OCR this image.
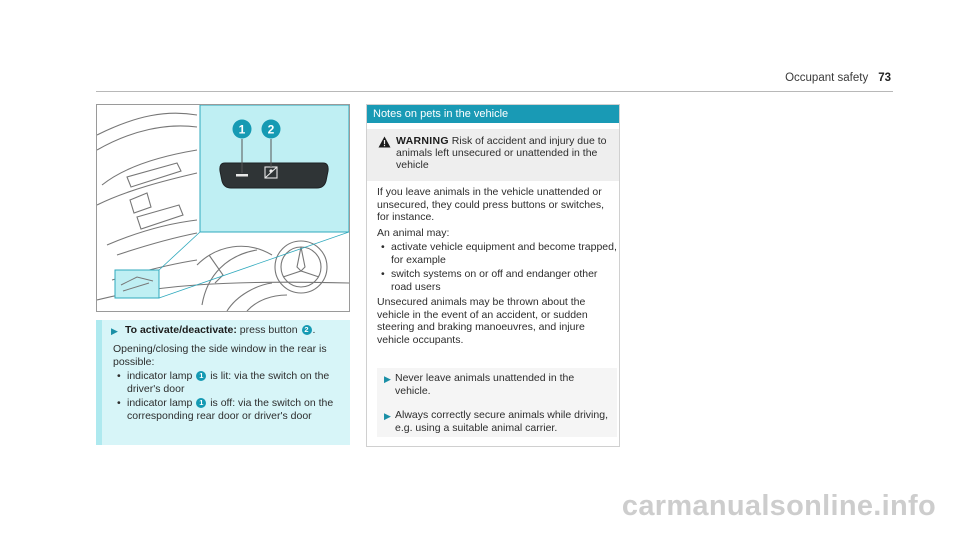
Occupant safety 73
1 2
▶ To activate/deactivate: press button 2 .

Opening/closing the side window in the rear is possible:

• indicator lamp 1 is lit: via the switch on the driver's door
• indicator lamp 1 is off: via the switch on the corresponding rear door or driver's door
Notes on pets in the vehicle
WARNING Risk of accident and injury due to animals left unsecured or unattended in the vehicle

If you leave animals in the vehicle unattended or unsecured, they could press buttons or switches, for instance.

An animal may:

• activate vehicle equipment and become trapped, for example
• switch systems on or off and endanger other road users

Unsecured animals may be thrown about the vehicle in the event of an accident, or sudden steering and braking manoeuvres, and injure vehicle occupants.

▶ Never leave animals unattended in the vehicle.
▶ Always correctly secure animals while driving, e.g. using a suitable animal carrier.
carmanualsonline.info
